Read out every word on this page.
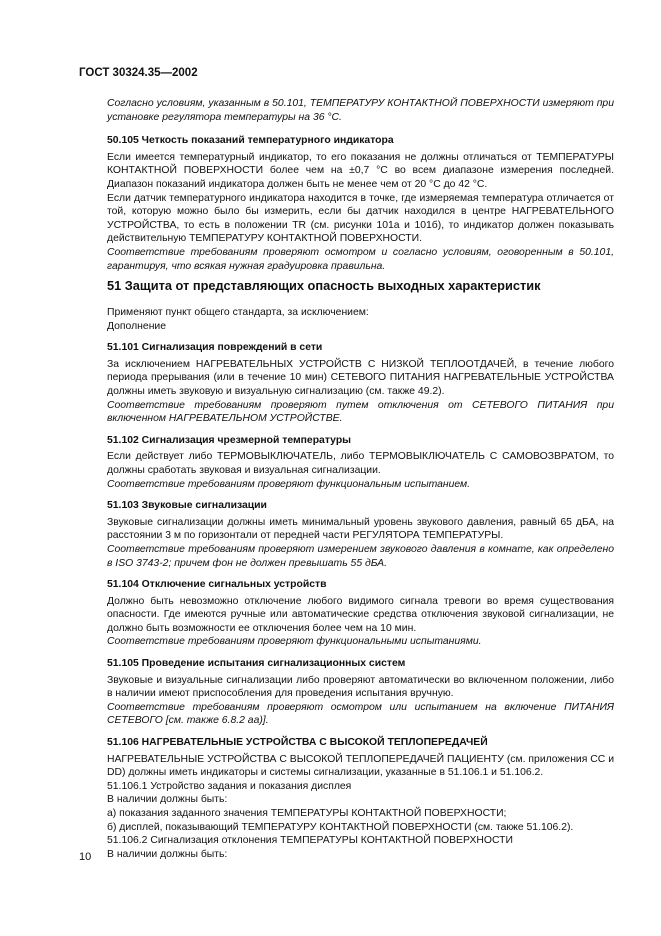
ГОСТ 30324.35—2002

Согласно условиям, указанным в 50.101, ТЕМПЕРАТУРУ КОНТАКТНОЙ ПОВЕРХНОСТИ измеряют при установке регулятора температуры на 36 °С.

50.105 Четкость показаний температурного индикатора

Если имеется температурный индикатор, то его показания не должны отличаться от ТЕМПЕРАТУРЫ КОНТАКТНОЙ ПОВЕРХНОСТИ более чем на ±0,7 °С во всем диапазоне измерения последней. Диапазон показаний индикатора должен быть не менее чем от 20 °С до 42 °С.

Если датчик температурного индикатора находится в точке, где измеряемая температура отличается от той, которую можно было бы измерить, если бы датчик находился в центре НАГРЕВАТЕЛЬНОГО УСТРОЙСТВА, то есть в положении TR (см. рисунки 101а и 101б), то индикатор должен показывать действительную ТЕМПЕРАТУРУ КОНТАКТНОЙ ПОВЕРХНОСТИ.

Соответствие требованиям проверяют осмотром и согласно условиям, оговоренным в 50.101, гарантируя, что всякая нужная градуировка правильна.

51 Защита от представляющих опасность выходных характеристик

Применяют пункт общего стандарта, за исключением:

Дополнение

51.101 Сигнализация повреждений в сети

За исключением НАГРЕВАТЕЛЬНЫХ УСТРОЙСТВ С НИЗКОЙ ТЕПЛООТДАЧЕЙ, в течение любого периода прерывания (или в течение 10 мин) СЕТЕВОГО ПИТАНИЯ НАГРЕВАТЕЛЬНЫЕ УСТРОЙСТВА должны иметь звуковую и визуальную сигнализацию (см. также 49.2).

Соответствие требованиям проверяют путем отключения от СЕТЕВОГО ПИТАНИЯ при включенном НАГРЕВАТЕЛЬНОМ УСТРОЙСТВЕ.

51.102 Сигнализация чрезмерной температуры

Если действует либо ТЕРМОВЫКЛЮЧАТЕЛЬ, либо ТЕРМОВЫКЛЮЧАТЕЛЬ С САМОВОЗВРАТОМ, то должны сработать звуковая и визуальная сигнализации.

Соответствие требованиям проверяют функциональным испытанием.

51.103 Звуковые сигнализации

Звуковые сигнализации должны иметь минимальный уровень звукового давления, равный 65 дБА, на расстоянии 3 м по горизонтали от передней части РЕГУЛЯТОРА ТЕМПЕРАТУРЫ.

Соответствие требованиям проверяют измерением звукового давления в комнате, как определено в ISO 3743-2; причем фон не должен превышать 55 дБА.

51.104 Отключение сигнальных устройств

Должно быть невозможно отключение любого видимого сигнала тревоги во время существования опасности. Где имеются ручные или автоматические средства отключения звуковой сигнализации, не должно быть возможности ее отключения более чем на 10 мин.

Соответствие требованиям проверяют функциональными испытаниями.

51.105 Проведение испытания сигнализационных систем

Звуковые и визуальные сигнализации либо проверяют автоматически во включенном положении, либо в наличии имеют приспособления для проведения испытания вручную.

Соответствие требованиям проверяют осмотром или испытанием на включение ПИТАНИЯ СЕТЕВОГО [см. также 6.8.2 аа)].

51.106 НАГРЕВАТЕЛЬНЫЕ УСТРОЙСТВА С ВЫСОКОЙ ТЕПЛОПЕРЕДАЧЕЙ

НАГРЕВАТЕЛЬНЫЕ УСТРОЙСТВА С ВЫСОКОЙ ТЕПЛОПЕРЕДАЧЕЙ ПАЦИЕНТУ (см. приложения СС и DD) должны иметь индикаторы и системы сигнализации, указанные в 51.106.1 и 51.106.2.

51.106.1 Устройство задания и показания дисплея

В наличии должны быть:

а) показания заданного значения ТЕМПЕРАТУРЫ КОНТАКТНОЙ ПОВЕРХНОСТИ;

б) дисплей, показывающий ТЕМПЕРАТУРУ КОНТАКТНОЙ ПОВЕРХНОСТИ (см. также 51.106.2).

51.106.2 Сигнализация отклонения ТЕМПЕРАТУРЫ КОНТАКТНОЙ ПОВЕРХНОСТИ

В наличии должны быть:

10
